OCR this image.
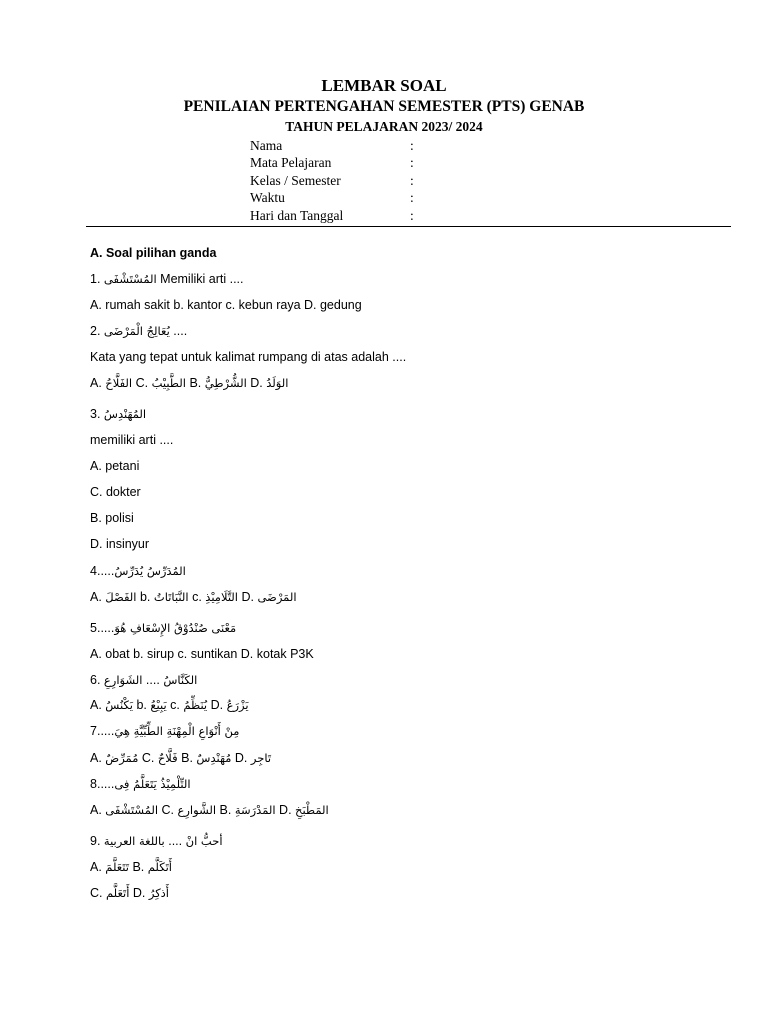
LEMBAR SOAL
PENILAIAN PERTENGAHAN SEMESTER (PTS) GENAB
TAHUN PELAJARAN 2023/ 2024
Nama	:
Mata Pelajaran	:
Kelas / Semester	:
Waktu	:
Hari dan Tanggal	:
A. Soal pilihan ganda
1. المُسْتَشْفَى Memiliki arti ....
A. rumah sakit b. kantor c. kebun raya D. gedung
2. يُعَالِجُ الْمَرْضَى ....
Kata yang tepat untuk kalimat rumpang di atas adalah ....
A. الفَلَّاحُ C. الطَّبِيْبُ B. الشُّرْطِيُّ D. الوَلَدُ
3. المُهَنْدِسُ
memiliki arti ....
A. petani
C. dokter
B. polisi
D. insinyur
4.....المُدَرِّسُ يُدَرِّسُ
A. الفَصْلَ b. النَّبَاتَاتُ c. التَّلَامِيْذِ D. المَرْضَى
5.....مَعْنَى صُنْدُوْقُ الإِسْعَافِ هُوَ
A. obat b. sirup c. suntikan D. kotak P3K
6. الشَوَارِعِ .... الكَنَّاسُ
A. يَكْنُسُ b. يَبِيْعُ c. يُنَظِّمُ D. يَزْرَعُ
7.....مِنْ أَنْوَاعِ الْمِهْنَةِ الطِّبِّيَّةِ هِيَ
A. مُمَرِّضٌ C. فَلَّاحٌ B. مُهَنْدِسٌ D. تَاجِر
8.....التِّلْمِيْذُ يَتَعَلَّمُ فِى
A. المُسْتَشْفَى C. الشَّوارِع B. المَدْرَسَةِ D. المَطْبَخِ
9. باللغة العربية .... أحبُّ انْ
A. تَتَعَلَّمَ B. أَتَكَلَّم
C. أَتَعَلَّم D. أَذكِرُ
